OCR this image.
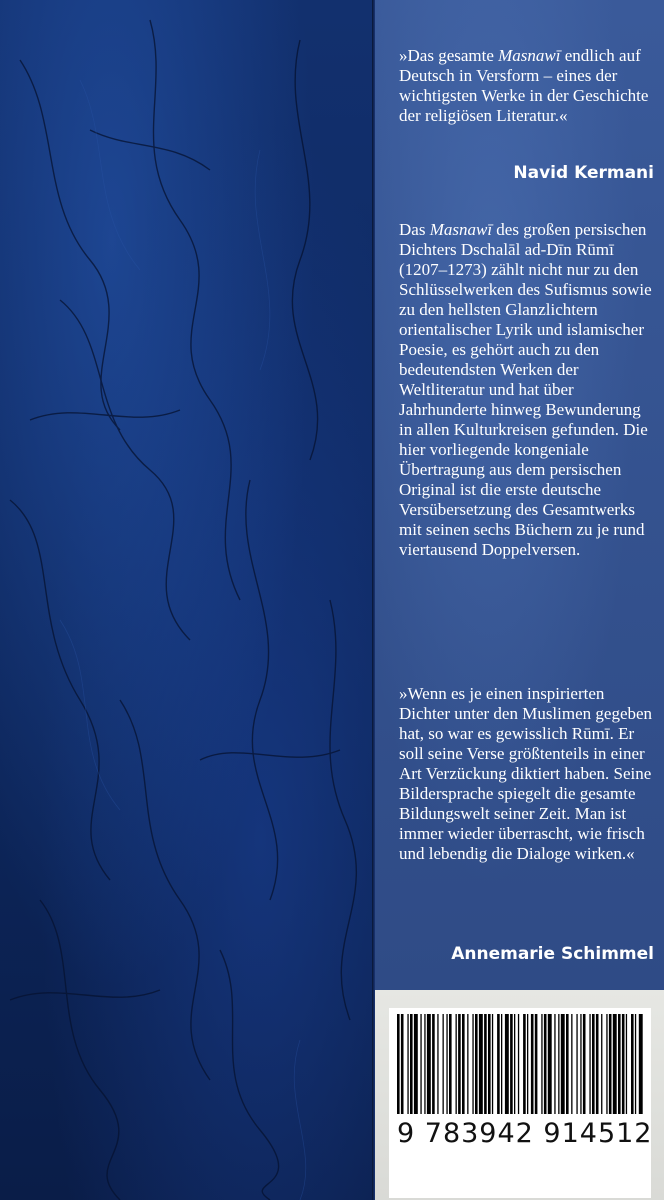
»Das gesamte Masnawī endlich auf Deutsch in Versform – eines der wichtigsten Werke in der Geschichte der religiösen Literatur.«

Navid Kermani

Das Masnawī des großen persischen Dichters Dschalāl ad-Dīn Rūmī (1207–1273) zählt nicht nur zu den Schlüsselwerken des Sufismus sowie zu den hellsten Glanzlichtern orientalischer Lyrik und islamischer Poesie, es gehört auch zu den bedeutendsten Werken der Weltliteratur und hat über Jahrhunderte hinweg Bewunderung in allen Kulturkreisen gefunden. Die hier vorliegende kongeniale Übertragung aus dem persischen Original ist die erste deutsche Versübersetzung des Gesamtwerks mit seinen sechs Büchern zu je rund viertausend Doppelversen.

»Wenn es je einen inspirierten Dichter unter den Muslimen gegeben hat, so war es gewisslich Rūmī. Er soll seine Verse größtenteils in einer Art Verzückung diktiert haben. Seine Bildersprache spiegelt die gesamte Bildungswelt seiner Zeit. Man ist immer wieder überrascht, wie frisch und lebendig die Dialoge wirken.«

Annemarie Schimmel

9 783942 914512
